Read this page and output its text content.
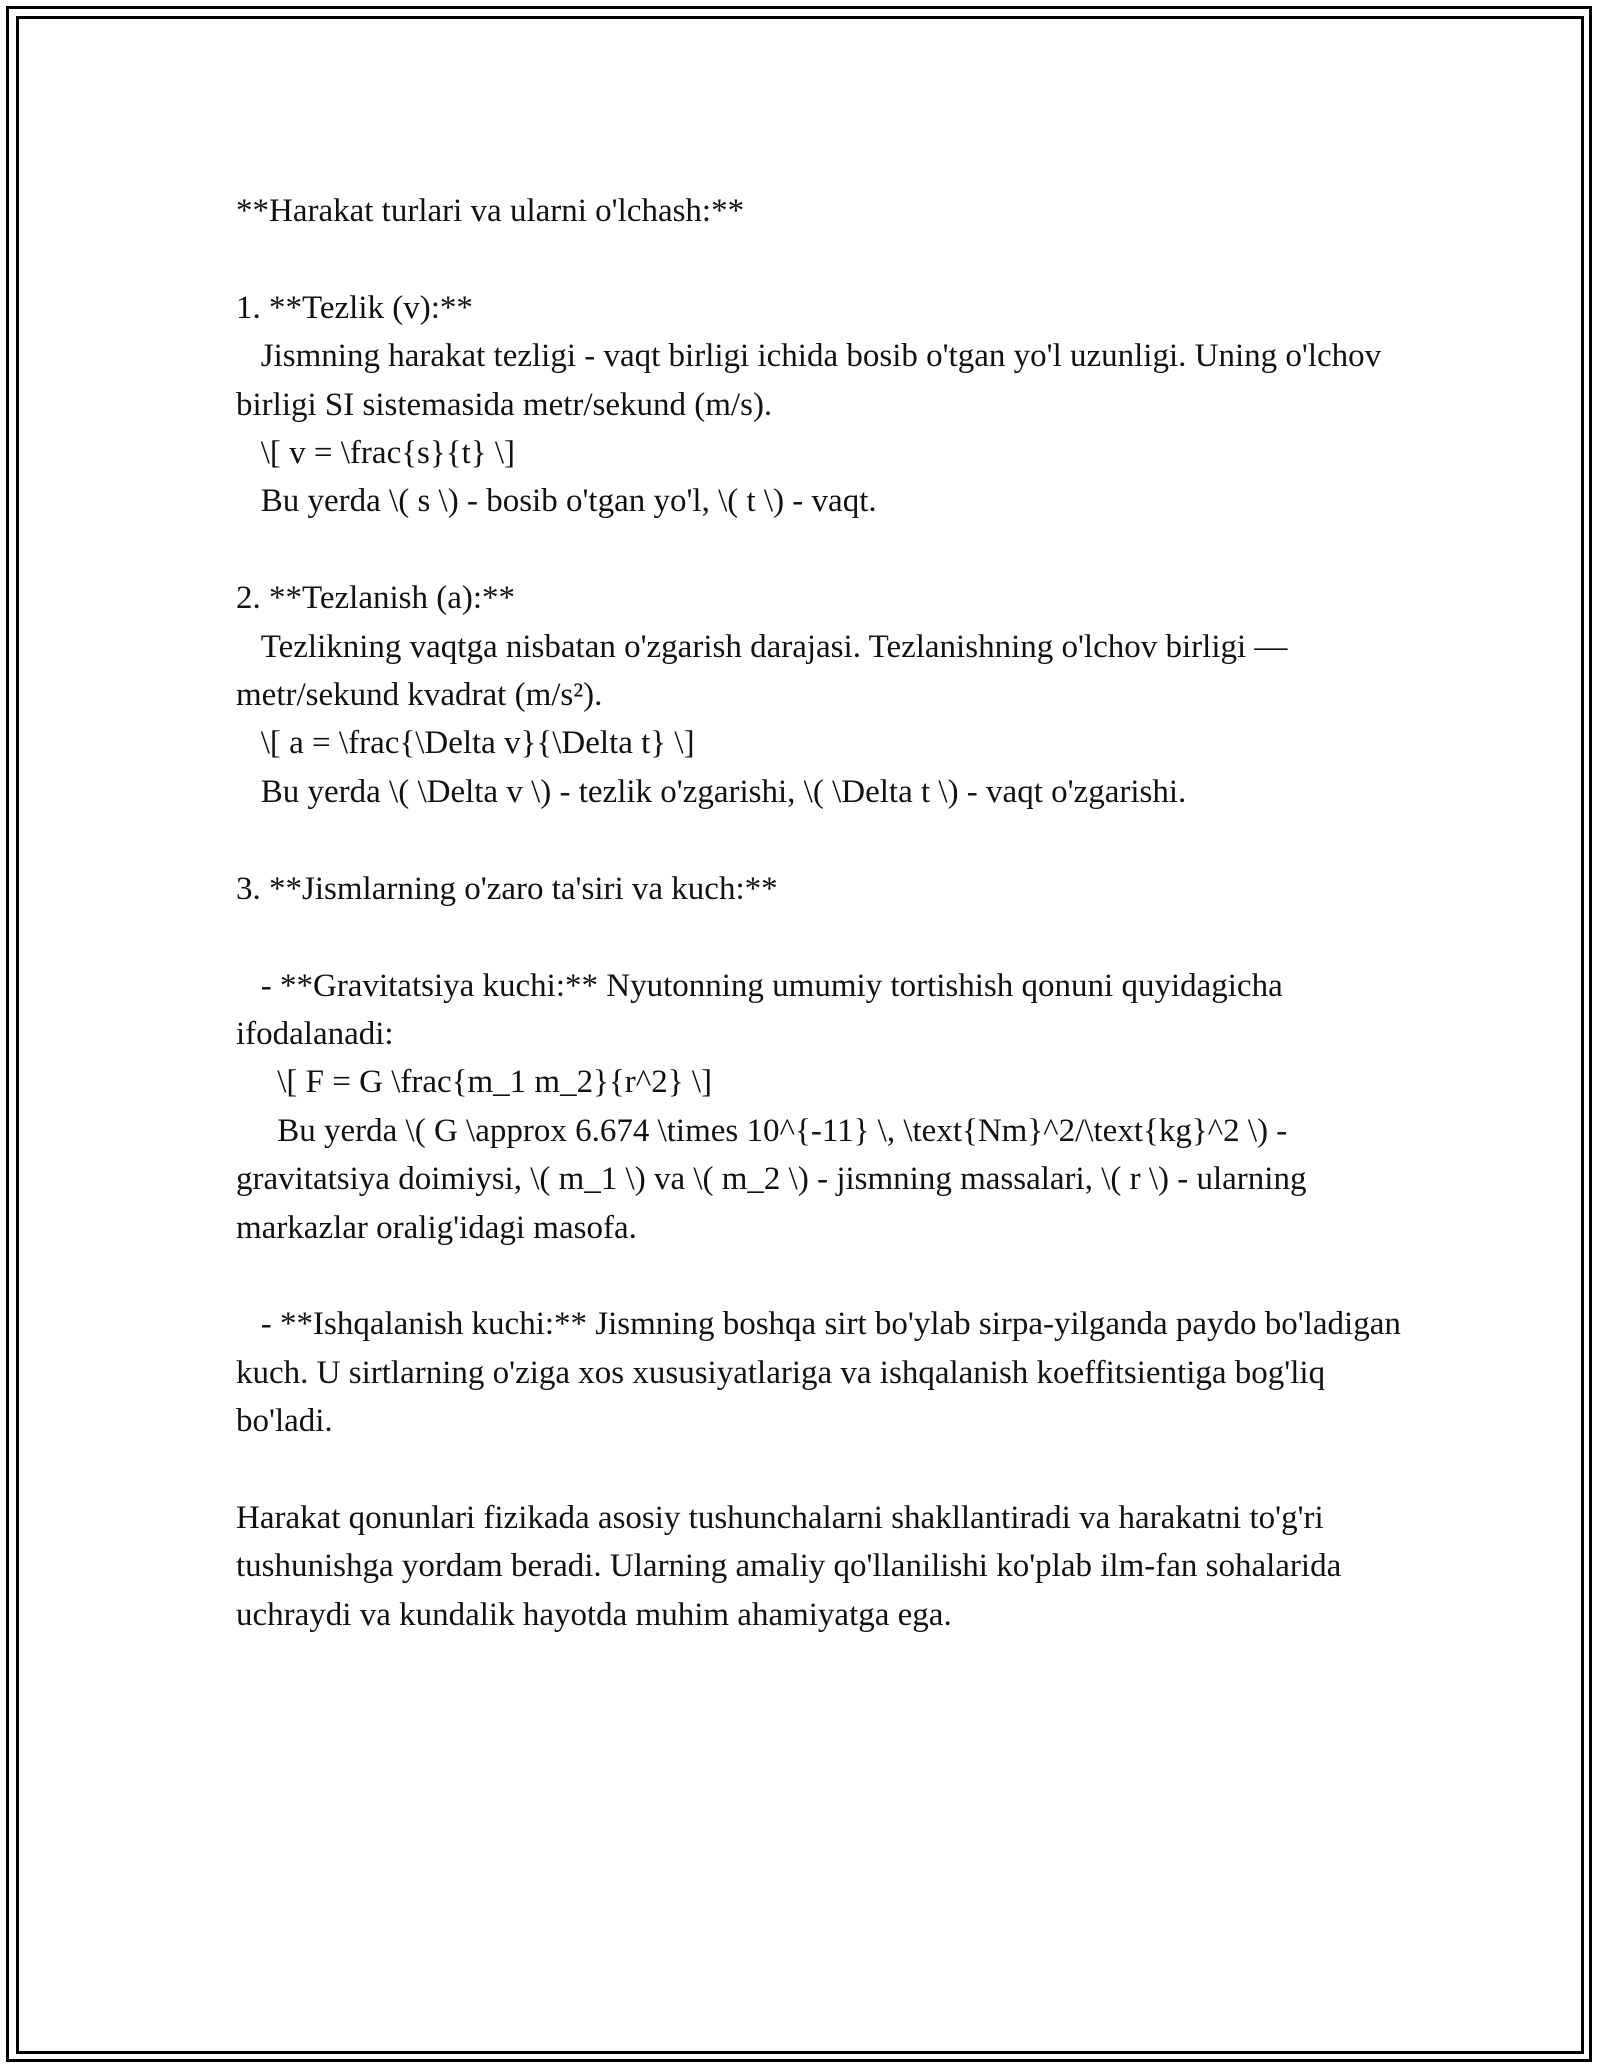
**Harakat turlari va ularni o'lchash:**

1. **Tezlik (v):**
Jismning harakat tezligi - vaqt birligi ichida bosib o'tgan yo'l uzunligi. Uning o'lchov birligi SI sistemasida metr/sekund (m/s).
\[ v = \frac{s}{t} \]
Bu yerda \( s \) - bosib o'tgan yo'l, \( t \) - vaqt.

2. **Tezlanish (a):**
Tezlikning vaqtga nisbatan o'zgarish darajasi. Tezlanishning o'lchov birligi — metr/sekund kvadrat (m/s²).
\[ a = \frac{\Delta v}{\Delta t} \]
Bu yerda \( \Delta v \) - tezlik o'zgarishi, \( \Delta t \) - vaqt o'zgarishi.

3. **Jismlarning o'zaro ta'siri va kuch:**

- **Gravitatsiya kuchi:** Nyutonning umumiy tortishish qonuni quyidagicha ifodalanadi:
\[ F = G \frac{m_1 m_2}{r^2} \]
Bu yerda \( G \approx 6.674 \times 10^{-11} \, \text{Nm}^2/\text{kg}^2 \) - gravitatsiya doimiysi, \( m_1 \) va \( m_2 \) - jismning massalari, \( r \) - ularning markazlar oralig'idagi masofa.

- **Ishqalanish kuchi:** Jismning boshqa sirt bo'ylab sirpa-yilganda paydo bo'ladigan kuch. U sirtlarning o'ziga xos xususiyatlariga va ishqalanish koeffitsientiga bog'liq bo'ladi.

Harakat qonunlari fizikada asosiy tushunchalarni shakllantiradi va harakatni to'g'ri tushunishga yordam beradi. Ularning amaliy qo'llanilishi ko'plab ilm-fan sohalarida uchraydi va kundalik hayotda muhim ahamiyatga ega.
